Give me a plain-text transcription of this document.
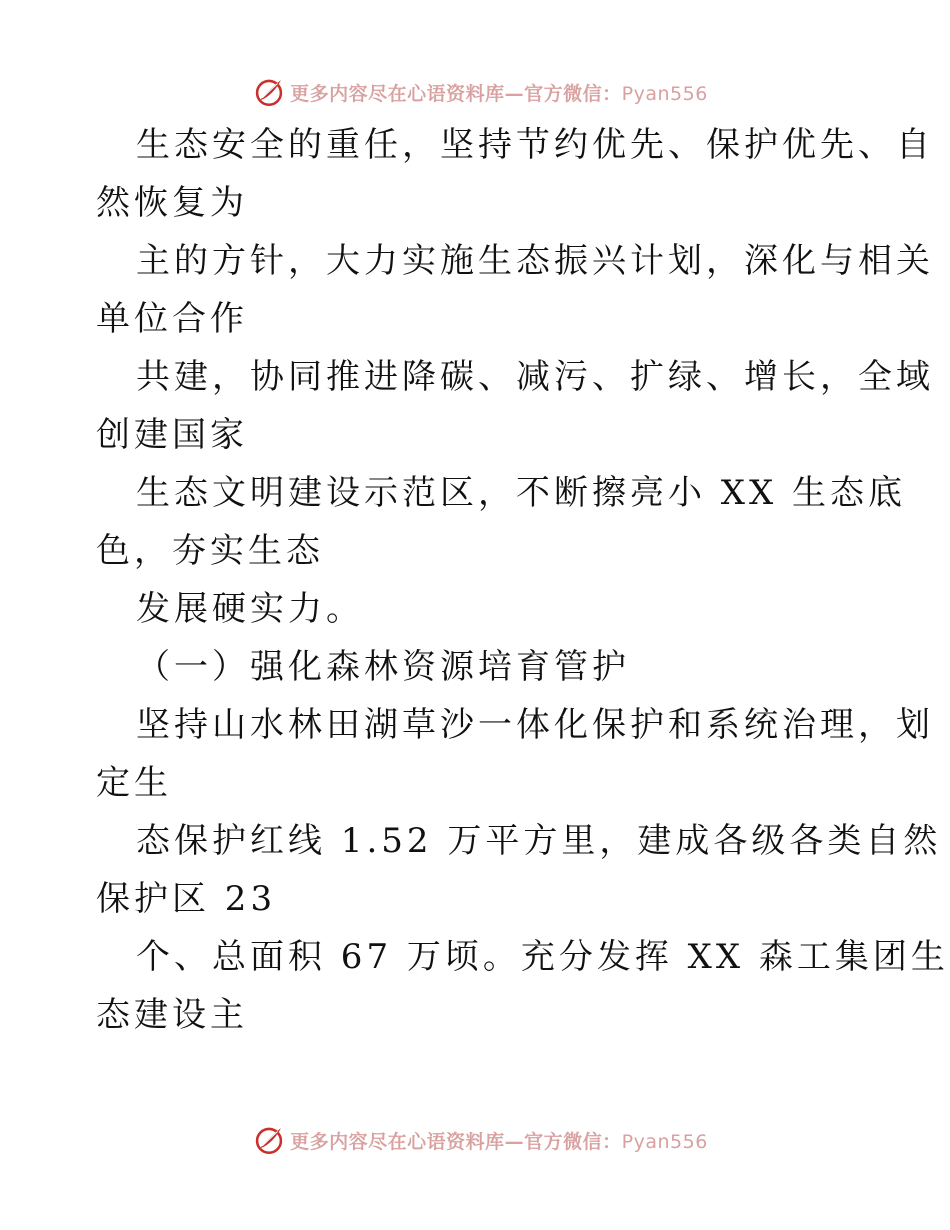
更多内容尽在心语资料库—官方微信：Pyan556
生态安全的重任，坚持节约优先、保护优先、自
然恢复为
主的方针，大力实施生态振兴计划，深化与相关
单位合作
共建，协同推进降碳、减污、扩绿、增长，全域
创建国家
生态文明建设示范区，不断擦亮小 XX 生态底
色，夯实生态
发展硬实力。
（一）强化森林资源培育管护
坚持山水林田湖草沙一体化保护和系统治理，划
定生
态保护红线 1.52 万平方里，建成各级各类自然
保护区 23
个、总面积 67 万顷。充分发挥 XX 森工集团生
态建设主
更多内容尽在心语资料库—官方微信：Pyan556
